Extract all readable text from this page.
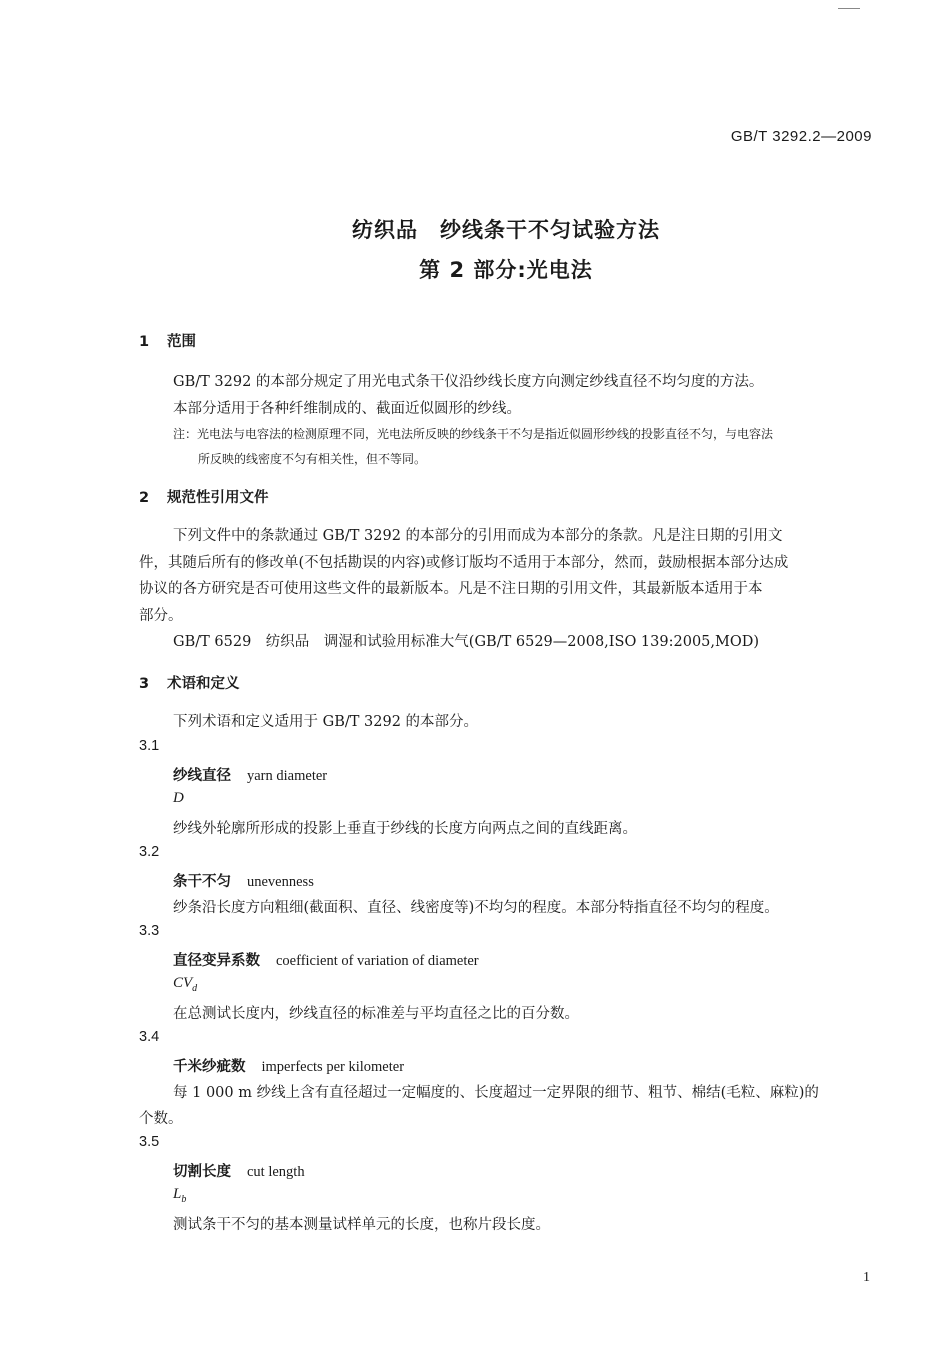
GB/T 3292.2—2009
纺织品　纱线条干不匀试验方法
第 2 部分:光电法
1 范围
GB/T 3292 的本部分规定了用光电式条干仪沿纱线长度方向测定纱线直径不均匀度的方法。
本部分适用于各种纤维制成的、截面近似圆形的纱线。
注：光电法与电容法的检测原理不同，光电法所反映的纱线条干不匀是指近似圆形纱线的投影直径不匀，与电容法
所反映的线密度不匀有相关性，但不等同。
2 规范性引用文件
下列文件中的条款通过 GB/T 3292 的本部分的引用而成为本部分的条款。凡是注日期的引用文
件，其随后所有的修改单(不包括勘误的内容)或修订版均不适用于本部分，然而，鼓励根据本部分达成
协议的各方研究是否可使用这些文件的最新版本。凡是不注日期的引用文件，其最新版本适用于本
部分。
GB/T 6529　纺织品　调湿和试验用标准大气(GB/T 6529—2008,ISO 139:2005,MOD)
3 术语和定义
下列术语和定义适用于 GB/T 3292 的本部分。
3.1
纱线直径 yarn diameter
D
纱线外轮廓所形成的投影上垂直于纱线的长度方向两点之间的直线距离。
3.2
条干不匀 unevenness
纱条沿长度方向粗细(截面积、直径、线密度等)不均匀的程度。本部分特指直径不均匀的程度。
3.3
直径变异系数 coefficient of variation of diameter
$CV_d$
在总测试长度内，纱线直径的标准差与平均直径之比的百分数。
3.4
千米纱疵数 imperfects per kilometer
每 1 000 m 纱线上含有直径超过一定幅度的、长度超过一定界限的细节、粗节、棉结(毛粒、麻粒)的
个数。
3.5
切割长度 cut length
$L_b$
测试条干不匀的基本测量试样单元的长度，也称片段长度。
1
